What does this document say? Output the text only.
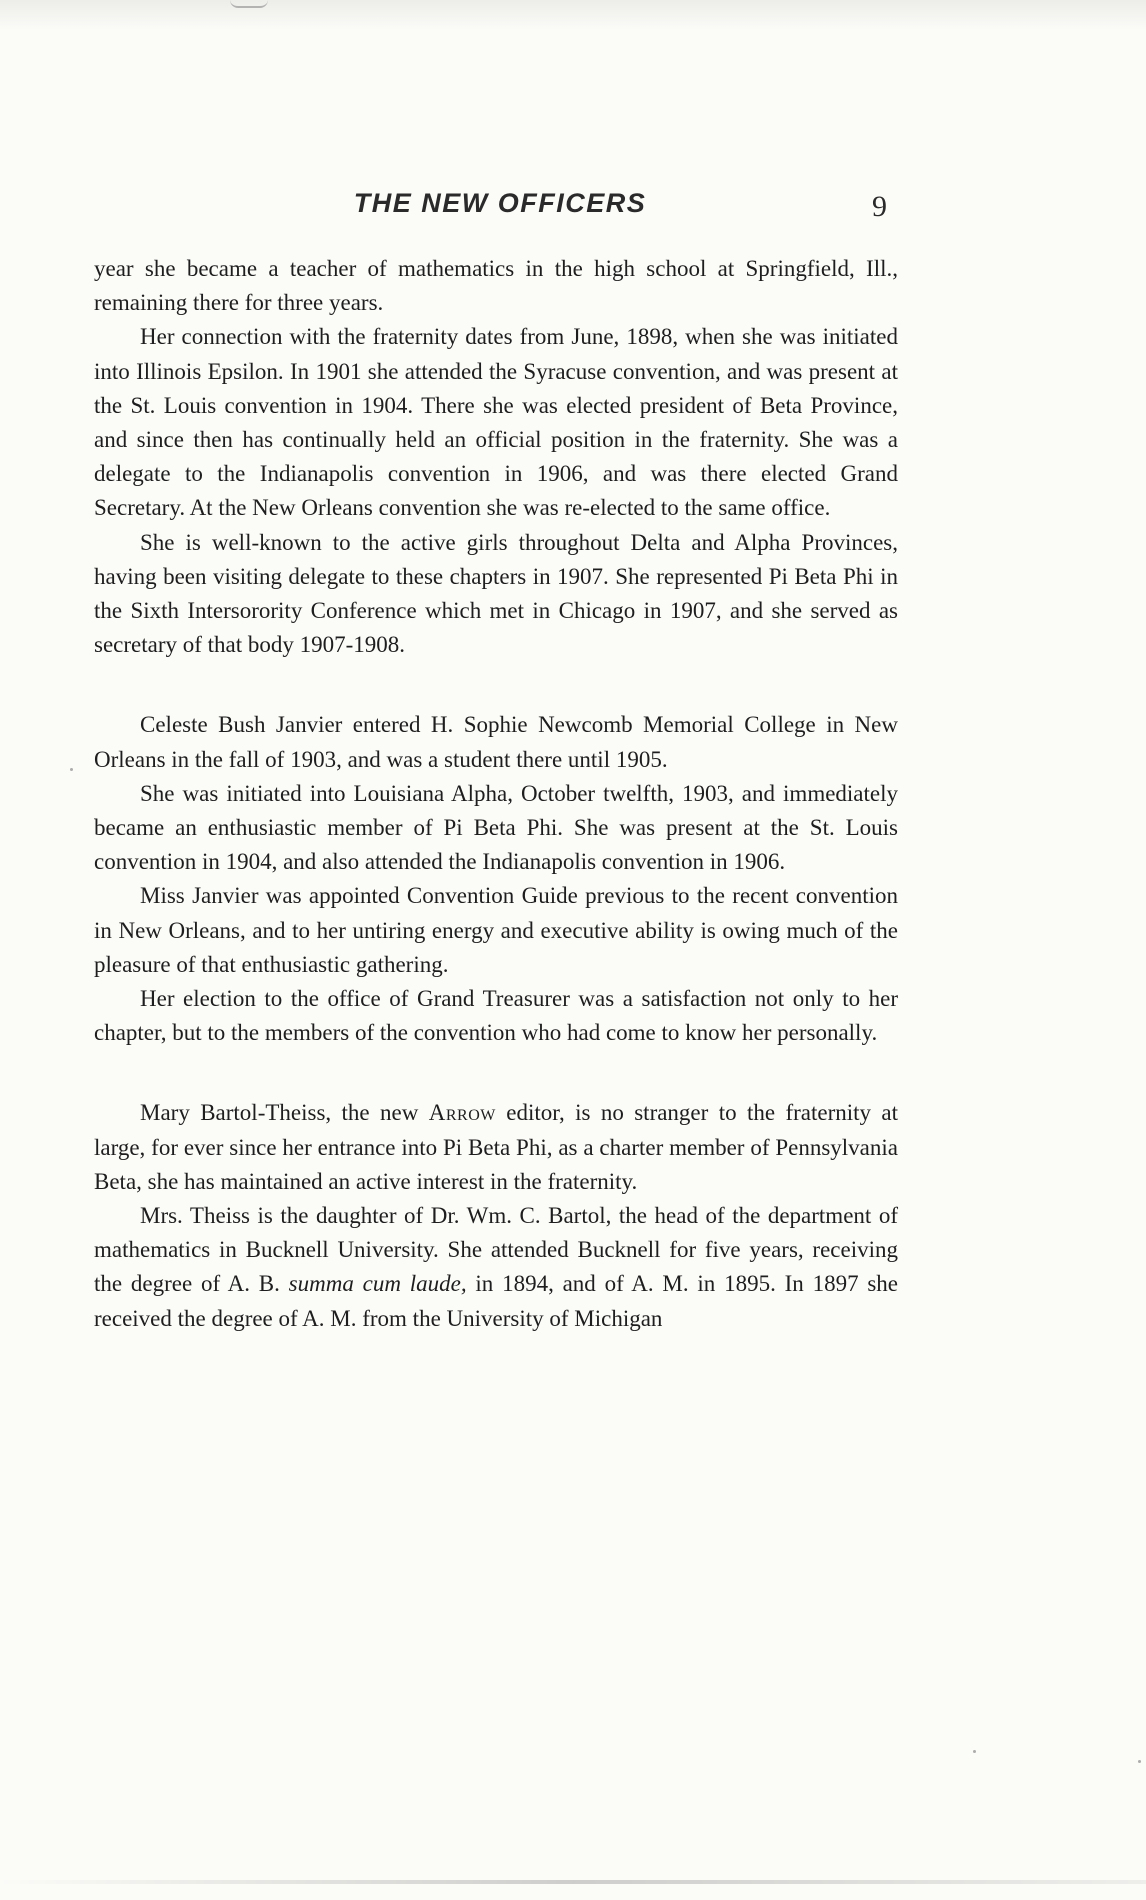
THE NEW OFFICERS	9

year she became a teacher of mathematics in the high school at Springfield, Ill., remaining there for three years.

Her connection with the fraternity dates from June, 1898, when she was initiated into Illinois Epsilon. In 1901 she attended the Syracuse convention, and was present at the St. Louis convention in 1904. There she was elected president of Beta Province, and since then has continually held an official position in the fraternity. She was a delegate to the Indianapolis convention in 1906, and was there elected Grand Secretary. At the New Orleans convention she was re-elected to the same office.

She is well-known to the active girls throughout Delta and Alpha Provinces, having been visiting delegate to these chapters in 1907. She represented Pi Beta Phi in the Sixth Intersorority Conference which met in Chicago in 1907, and she served as secretary of that body 1907-1908.

Celeste Bush Janvier entered H. Sophie Newcomb Memorial College in New Orleans in the fall of 1903, and was a student there until 1905.

She was initiated into Louisiana Alpha, October twelfth, 1903, and immediately became an enthusiastic member of Pi Beta Phi. She was present at the St. Louis convention in 1904, and also attended the Indianapolis convention in 1906.

Miss Janvier was appointed Convention Guide previous to the recent convention in New Orleans, and to her untiring energy and executive ability is owing much of the pleasure of that enthusiastic gathering.

Her election to the office of Grand Treasurer was a satisfaction not only to her chapter, but to the members of the convention who had come to know her personally.

Mary Bartol-Theiss, the new Arrow editor, is no stranger to the fraternity at large, for ever since her entrance into Pi Beta Phi, as a charter member of Pennsylvania Beta, she has maintained an active interest in the fraternity.

Mrs. Theiss is the daughter of Dr. Wm. C. Bartol, the head of the department of mathematics in Bucknell University. She attended Bucknell for five years, receiving the degree of A. B. summa cum laude, in 1894, and of A. M. in 1895. In 1897 she received the degree of A. M. from the University of Michigan
